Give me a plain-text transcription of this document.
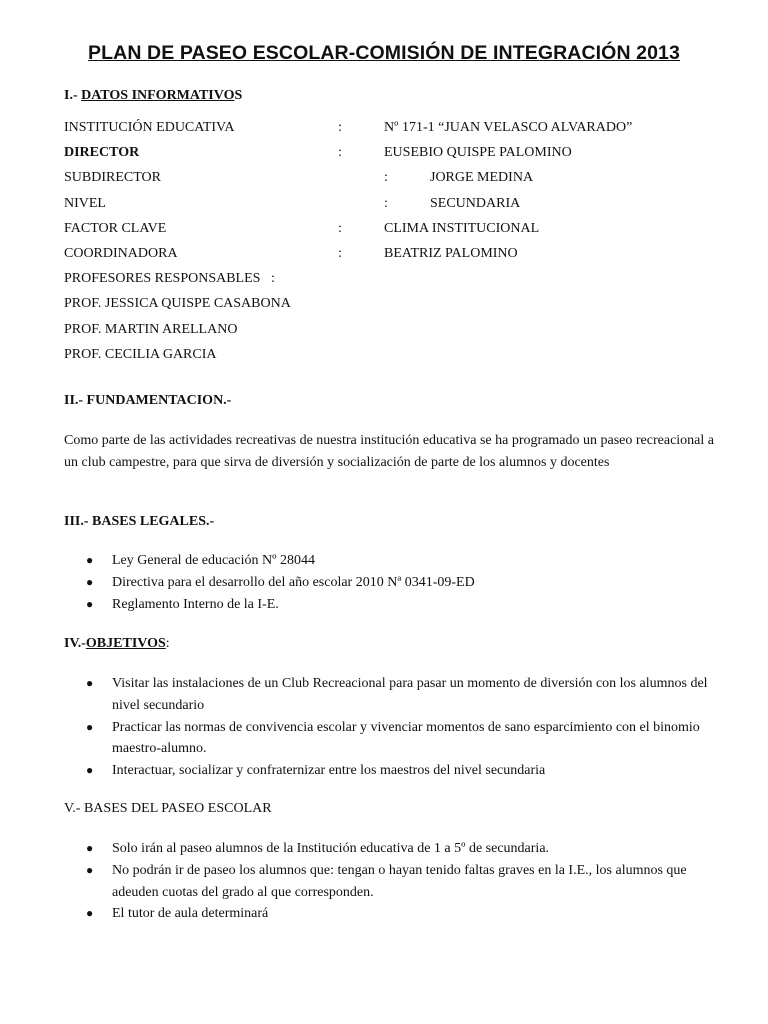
PLAN DE PASEO ESCOLAR-COMISIÓN DE INTEGRACIÓN 2013
I.- DATOS INFORMATIVOS
INSTITUCIÓN EDUCATIVA	:	Nº 171-1 “JUAN VELASCO ALVARADO”
DIRECTOR	:	EUSEBIO QUISPE PALOMINO
SUBDIRECTOR	:	JORGE MEDINA
NIVEL	:	SECUNDARIA
FACTOR CLAVE	:	CLIMA INSTITUCIONAL
COORDINADORA	:	BEATRIZ PALOMINO
PROFESORES RESPONSABLES   :
PROF. JESSICA QUISPE CASABONA
PROF. MARTIN ARELLANO
PROF. CECILIA GARCIA
II.- FUNDAMENTACION.-

Como parte de las actividades recreativas de nuestra institución educativa se ha programado un paseo recreacional a un club campestre, para que sirva de diversión y socialización de parte de los alumnos y docentes

III.- BASES LEGALES.-
● Ley General de educación Nº 28044
● Directiva para el desarrollo del año escolar 2010 Nª 0341-09-ED
● Reglamento Interno de la I-E.
IV.-OBJETIVOS:
● Visitar las instalaciones de un Club Recreacional para pasar un momento de diversión con los alumnos del nivel secundario
● Practicar las normas de convivencia escolar y vivenciar momentos de sano esparcimiento con el binomio maestro-alumno.
● Interactuar, socializar y confraternizar entre los maestros del nivel secundaria
V.- BASES DEL PASEO ESCOLAR
● Solo irán al paseo alumnos de la Institución educativa de 1 a 5º de secundaria.
● No podrán ir de paseo los alumnos que: tengan o hayan tenido faltas graves en la I.E., los alumnos que adeuden cuotas del grado al que corresponden.
● El tutor de aula determinará
